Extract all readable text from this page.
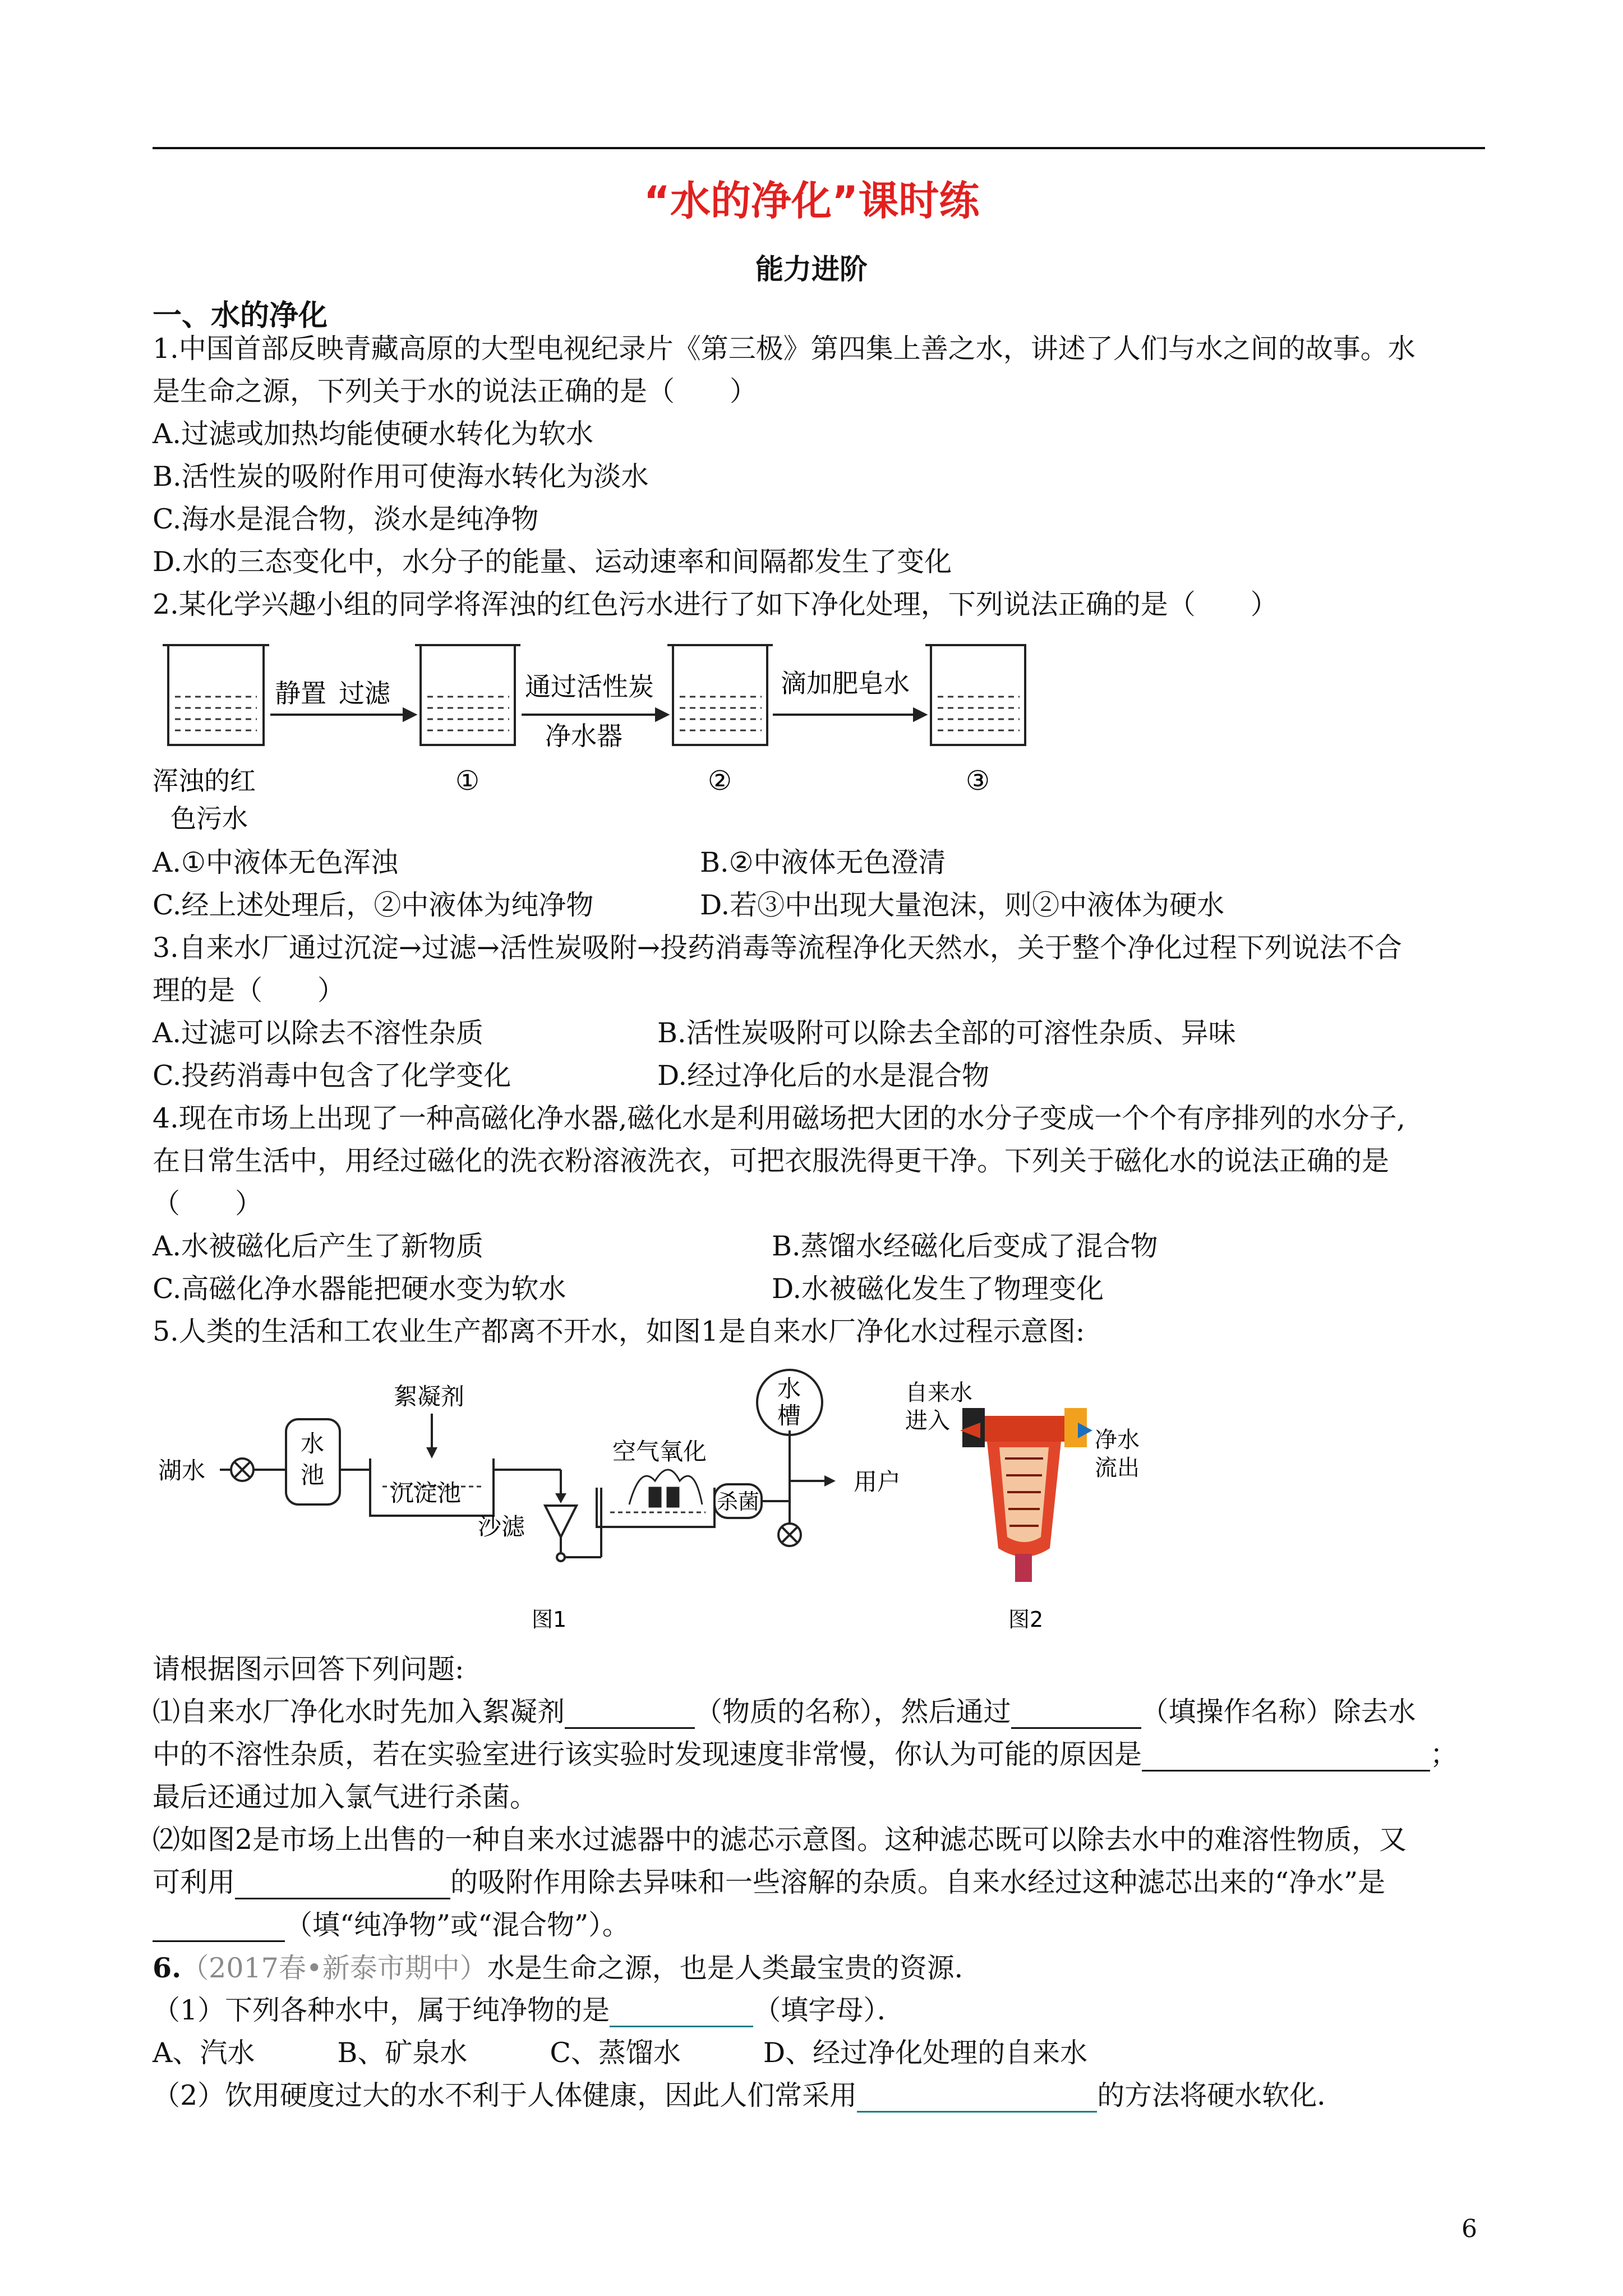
“水的净化”课时练
能力进阶
一、水的净化
1.中国首部反映青藏高原的大型电视纪录片《第三极》第四集上善之水，讲述了人们与水之间的故事。水
是生命之源，下列关于水的说法正确的是（　　）
A.过滤或加热均能使硬水转化为软水
B.活性炭的吸附作用可使海水转化为淡水
C.海水是混合物，淡水是纯净物
D.水的三态变化中，水分子的能量、运动速率和间隔都发生了变化
2.某化学兴趣小组的同学将浑浊的红色污水进行了如下净化处理，下列说法正确的是（　　）
静置 过滤	通过活性炭
净水器
滴加肥皂水
浑浊的红
色污水
①	②	③
A.①中液体无色浑浊	B.②中液体无色澄清
C.经上述处理后，②中液体为纯净物	D.若③中出现大量泡沫，则②中液体为硬水
3.自来水厂通过沉淀→过滤→活性炭吸附→投药消毒等流程净化天然水，关于整个净化过程下列说法不合
理的是（　　）
A.过滤可以除去不溶性杂质	B.活性炭吸附可以除去全部的可溶性杂质、异味
C.投药消毒中包含了化学变化	D.经过净化后的水是混合物
4.现在市场上出现了一种高磁化净水器,磁化水是利用磁场把大团的水分子变成一个个有序排列的水分子,
在日常生活中，用经过磁化的洗衣粉溶液洗衣，可把衣服洗得更干净。下列关于磁化水的说法正确的是
（　　）
A.水被磁化后产生了新物质	B.蒸馏水经磁化后变成了混合物
C.高磁化净水器能把硬水变为软水	D.水被磁化发生了物理变化
5.人类的生活和工农业生产都离不开水，如图1是自来水厂净化水过程示意图:
湖水
水
池
絮凝剂
沉淀池
沙滤
空气氧化
杀菌
水
槽
用户
图1
自来水
进入
净水
流出
图2
请根据图示回答下列问题:
⑴自来水厂净化水时先加入絮凝剂	（物质的名称），然后通过	（填操作名称）除去水
中的不溶性杂质，若在实验室进行该实验时发现速度非常慢，你认为可能的原因是	；
最后还通过加入氯气进行杀菌。
⑵如图2是市场上出售的一种自来水过滤器中的滤芯示意图。这种滤芯既可以除去水中的难溶性物质，又
可利用	的吸附作用除去异味和一些溶解的杂质。自来水经过这种滤芯出来的“净水”是
（填“纯净物”或“混合物”）。
6.（2017春•新泰市期中）水是生命之源，也是人类最宝贵的资源．
（1）下列各种水中，属于纯净物的是	（填字母）．
A、汽水　　　B、矿泉水　　　C、蒸馏水　　　D、经过净化处理的自来水
（2）饮用硬度过大的水不利于人体健康，因此人们常采用	的方法将硬水软化．
6
